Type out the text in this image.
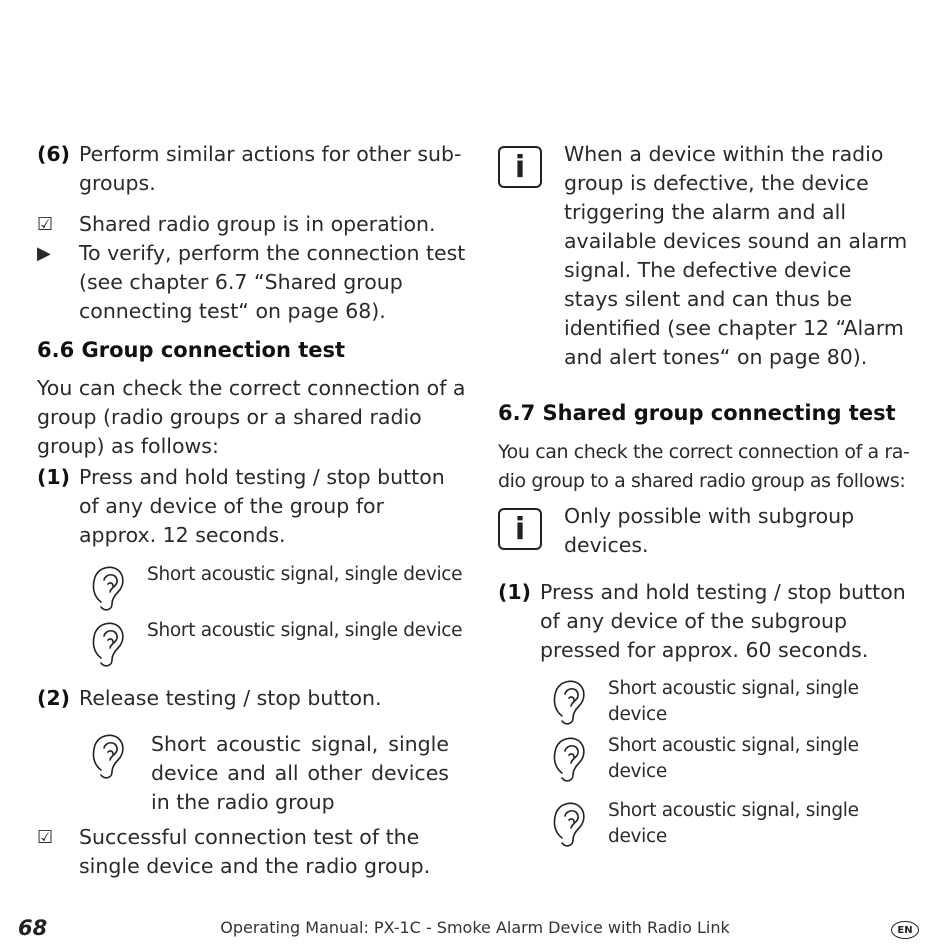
(6) Perform similar actions for other sub-groups.
☑	Shared radio group is in operation.
▶	To verify, perform the connection test (see chapter 6.7 “Shared group connecting test“ on page 68).
6.6 Group connection test
You can check the correct connection of a group (radio groups or a shared radio group) as follows:
(1) Press and hold testing / stop button of any device of the group for approx. 12 seconds.
Short acoustic signal, single device
Short acoustic signal, single device
(2) Release testing / stop button.
Short acoustic signal, single device and all other devices in the radio group
☑	Successful connection test of the single device and the radio group.
i	When a device within the radio group is defective, the device triggering the alarm and all available devices sound an alarm signal. The defective device stays silent and can thus be identified (see chapter 12 “Alarm and alert tones“ on page 80).
6.7 Shared group connecting test
You can check the correct connection of a ra-dio group to a shared radio group as follows:
i	Only possible with subgroup devices.
(1) Press and hold testing / stop button of any device of the subgroup pressed for approx. 60 seconds.
Short acoustic signal, single device
Short acoustic signal, single device
Short acoustic signal, single device
68	Operating Manual: PX-1C - Smoke Alarm Device with Radio Link	EN
